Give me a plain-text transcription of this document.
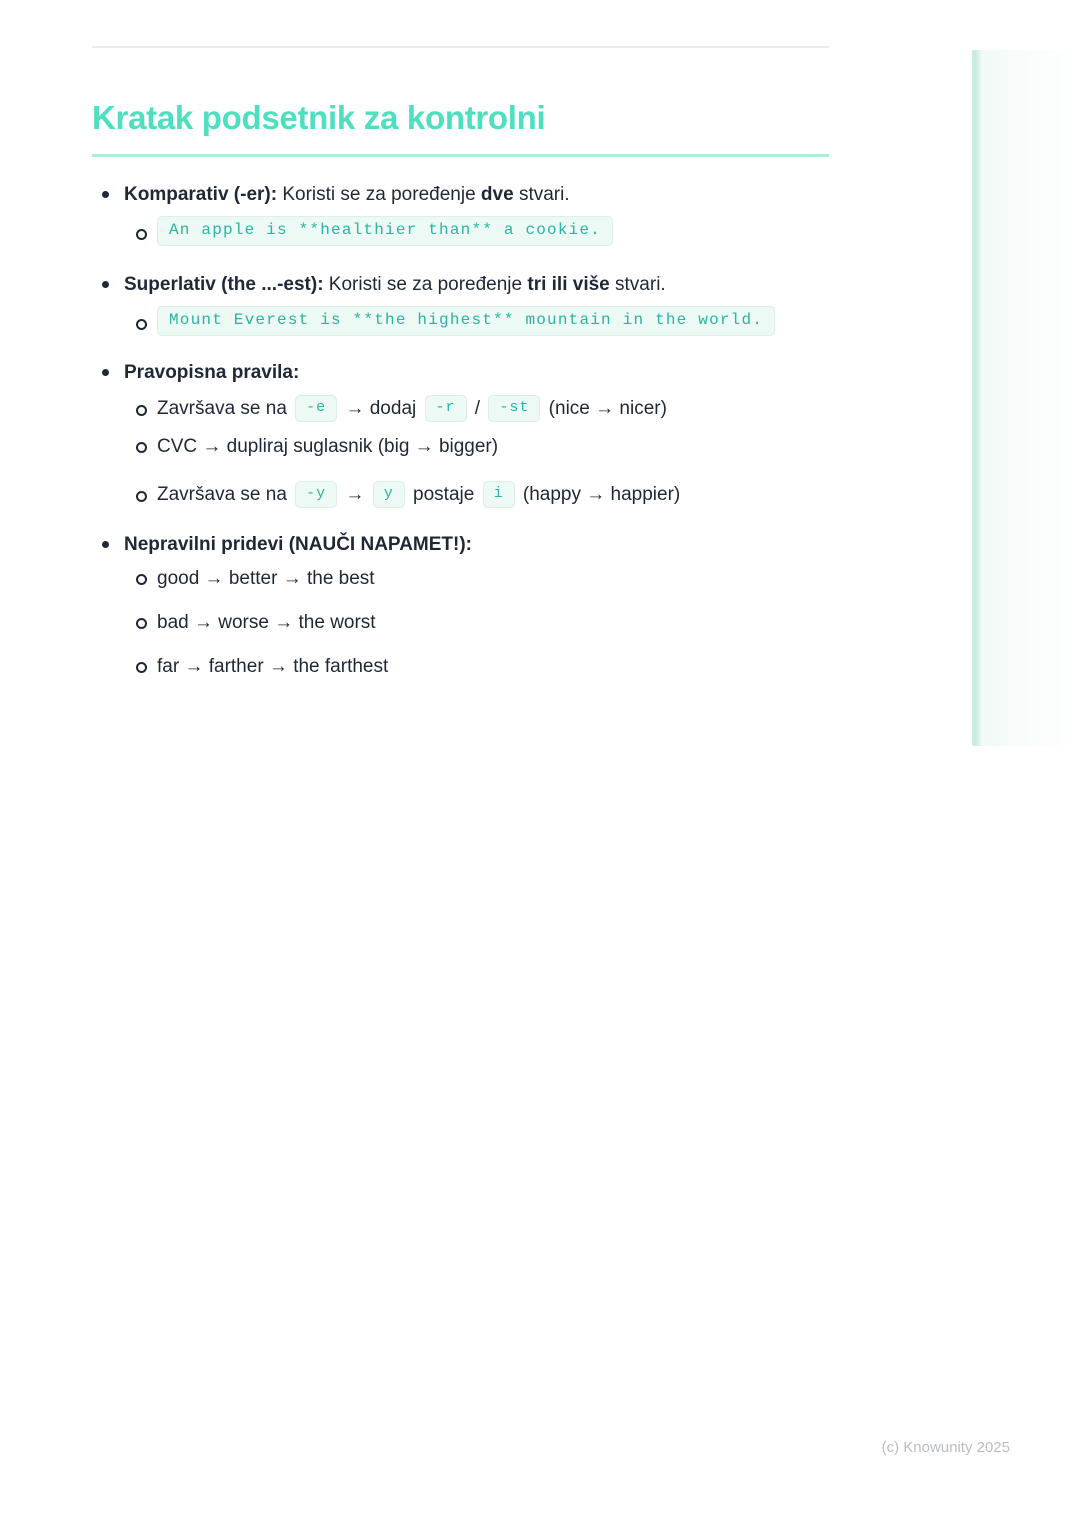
Kratak podsetnik za kontrolni
Komparativ (-er): Koristi se za poređenje dve stvari.
An apple is **healthier than** a cookie.
Superlativ (the ...-est): Koristi se za poređenje tri ili više stvari.
Mount Everest is **the highest** mountain in the world.
Pravopisna pravila:
Završava se na -e → dodaj -r / -st (nice → nicer)
CVC → dupliraj suglasnik (big → bigger)
Završava se na -y → y postaje i (happy → happier)
Nepravilni pridevi (NAUČI NAPAMET!):
good → better → the best
bad → worse → the worst
far → farther → the farthest
(c) Knowunity 2025
